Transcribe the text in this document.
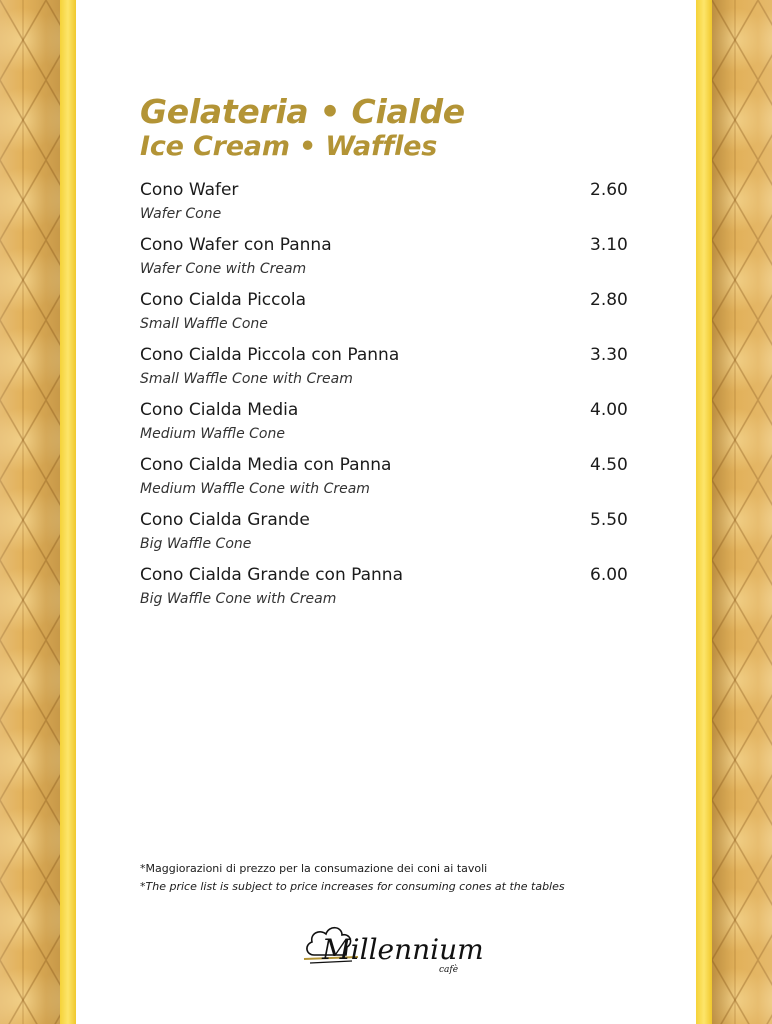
Gelateria • Cialde
Ice Cream • Waffles
Cono Wafer	2.60
Wafer Cone
Cono Wafer con Panna	3.10
Wafer Cone with Cream
Cono Cialda Piccola	2.80
Small Waffle Cone
Cono Cialda Piccola con Panna	3.30
Small Waffle Cone with Cream
Cono Cialda Media	4.00
Medium Waffle Cone
Cono Cialda Media con Panna	4.50
Medium Waffle Cone with Cream
Cono Cialda Grande	5.50
Big Waffle Cone
Cono Cialda Grande con Panna	6.00
Big Waffle Cone with Cream
*Maggiorazioni di prezzo per la consumazione dei coni ai tavoli
*The price list is subject to price increases for consuming cones at the tables
Millennium
cafè
